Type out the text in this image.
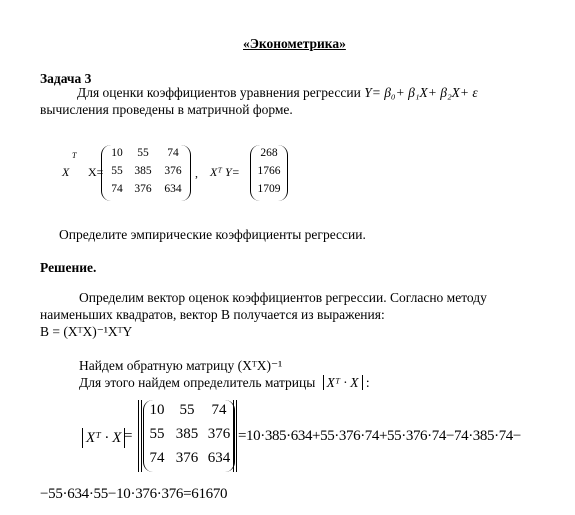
«Эконометрика»
Задача 3
Для оценки коэффициентов уравнения регрессии Y= β₀+ β₁X+ β₂X+ ε
вычисления проведены в матричной форме.
X
T
X=
10	55	74
55	385 376
74	376 634
, Xᵀ Y=
268
1766
1709
Определите эмпирические коэффициенты регрессии.
Решение.
Определим вектор оценок коэффициентов регрессии. Согласно методу
наименьших квадратов, вектор B получается из выражения:
B = (XᵀX)⁻¹XᵀY
Найдем обратную матрицу (XᵀX)⁻¹
Для этого найдем определитель матрицы Xᵀ · X :
Xᵀ · X =
10	55	74
55 385 376
74 376 634
=10·385·634+55·376·74+55·376·74−74·385·74−
−55·634·55−10·376·376=61670
